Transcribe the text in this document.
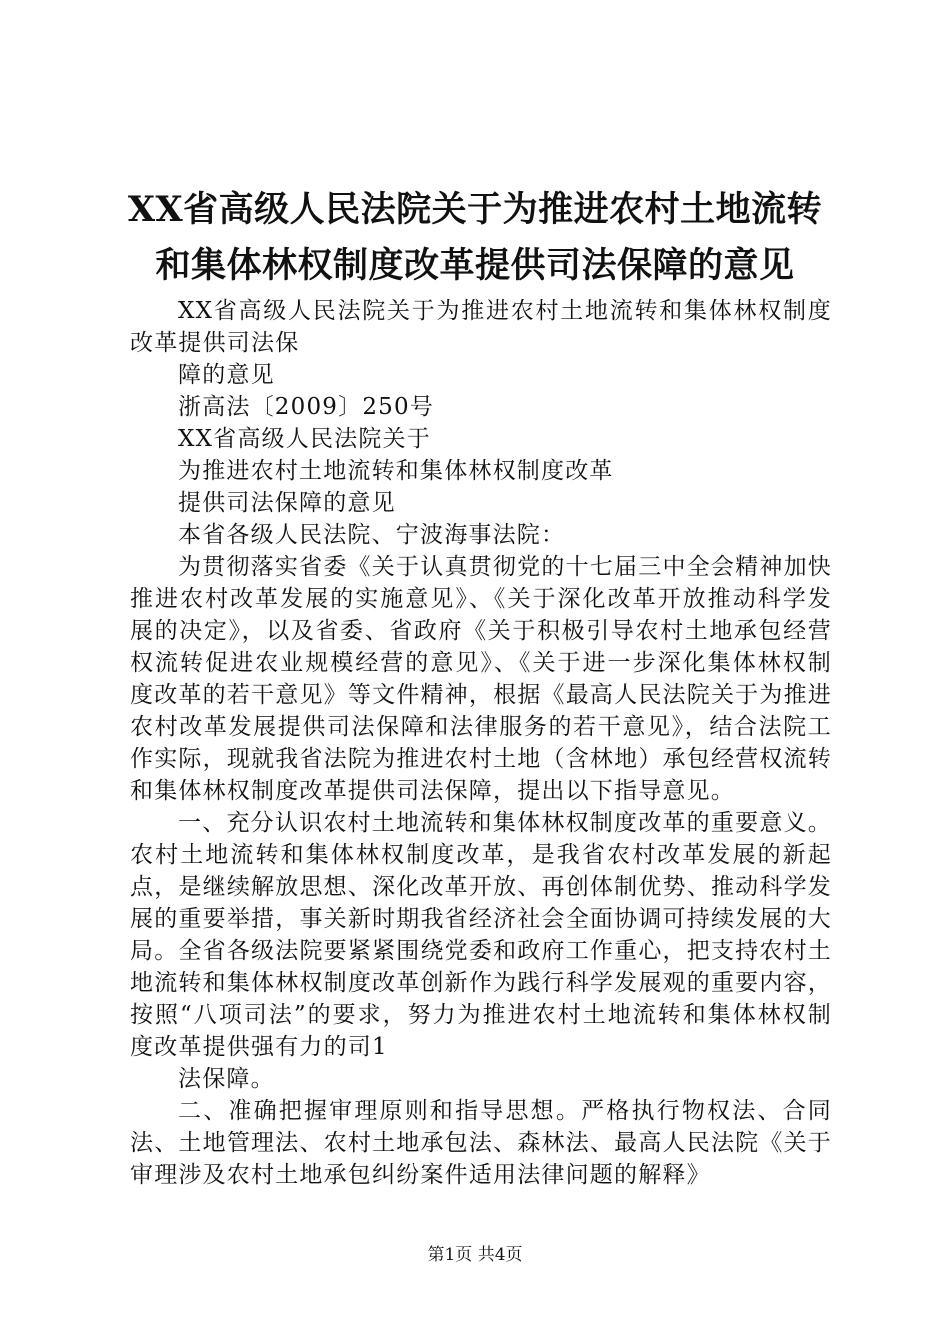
XX省高级人民法院关于为推进农村土地流转
和集体林权制度改革提供司法保障的意见

XX省高级人民法院关于为推进农村土地流转和集体林权制度改革提供司法保

障的意见

浙高法〔2009〕250号

XX省高级人民法院关于

为推进农村土地流转和集体林权制度改革

提供司法保障的意见

本省各级人民法院、宁波海事法院：

为贯彻落实省委《关于认真贯彻党的十七届三中全会精神加快推进农村改革发展的实施意见》、《关于深化改革开放推动科学发展的决定》，以及省委、省政府《关于积极引导农村土地承包经营权流转促进农业规模经营的意见》、《关于进一步深化集体林权制度改革的若干意见》等文件精神，根据《最高人民法院关于为推进农村改革发展提供司法保障和法律服务的若干意见》，结合法院工作实际，现就我省法院为推进农村土地（含林地）承包经营权流转和集体林权制度改革提供司法保障，提出以下指导意见。

一、充分认识农村土地流转和集体林权制度改革的重要意义。农村土地流转和集体林权制度改革，是我省农村改革发展的新起点，是继续解放思想、深化改革开放、再创体制优势、推动科学发展的重要举措，事关新时期我省经济社会全面协调可持续发展的大局。全省各级法院要紧紧围绕党委和政府工作重心，把支持农村土地流转和集体林权制度改革创新作为践行科学发展观的重要内容，按照“八项司法”的要求，努力为推进农村土地流转和集体林权制度改革提供强有力的司1

法保障。

二、准确把握审理原则和指导思想。严格执行物权法、合同法、土地管理法、农村土地承包法、森林法、最高人民法院《关于审理涉及农村土地承包纠纷案件适用法律问题的解释》

第1页 共4页
